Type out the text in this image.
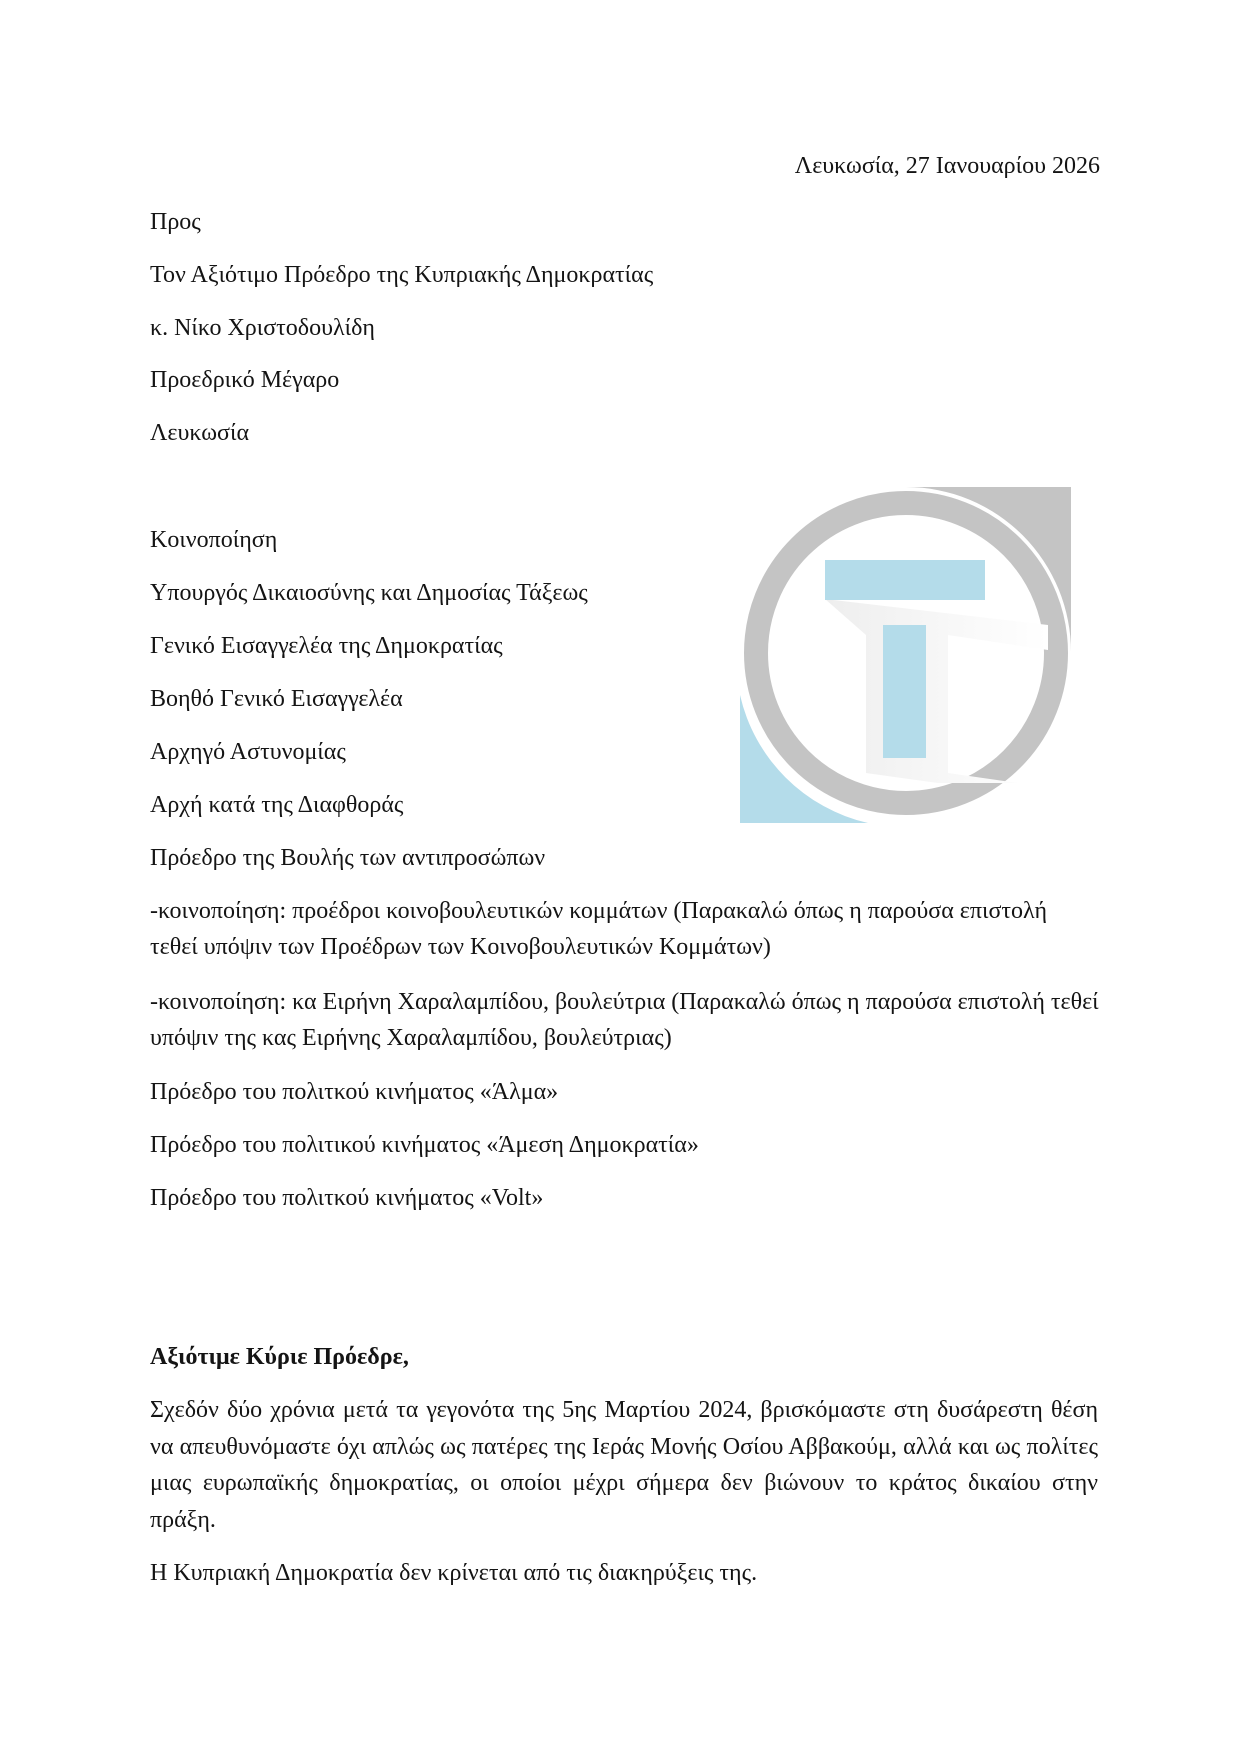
Λευκωσία, 27 Ιανουαρίου 2026
Προς
Τον Αξιότιμο Πρόεδρο της Κυπριακής Δημοκρατίας
κ. Νίκο Χριστοδουλίδη
Προεδρικό Μέγαρο
Λευκωσία
Κοινοποίηση
Υπουργός Δικαιοσύνης και Δημοσίας Τάξεως
Γενικό Εισαγγελέα της Δημοκρατίας
Βοηθό Γενικό Εισαγγελέα
Αρχηγό Αστυνομίας
Αρχή κατά της Διαφθοράς
Πρόεδρο της Βουλής των αντιπροσώπων
-κοινοποίηση: προέδροι κοινοβουλευτικών κομμάτων (Παρακαλώ όπως η παρούσα επιστολή τεθεί υπόψιν των Προέδρων των Κοινοβουλευτικών Κομμάτων)
-κοινοποίηση: κα Ειρήνη Χαραλαμπίδου, βουλεύτρια (Παρακαλώ όπως η παρούσα επιστολή τεθεί υπόψιν της κας Ειρήνης Χαραλαμπίδου, βουλεύτριας)
Πρόεδρο του πολιτκού κινήματος «Άλμα»
Πρόεδρο του πολιτικού κινήματος «Άμεση Δημοκρατία»
Πρόεδρο του πολιτκού κινήματος «Volt»
Αξιότιμε Κύριε Πρόεδρε,
Σχεδόν δύο χρόνια μετά τα γεγονότα της 5ης Μαρτίου 2024, βρισκόμαστε στη δυσάρεστη θέση να απευθυνόμαστε όχι απλώς ως πατέρες της Ιεράς Μονής Οσίου Αββακούμ, αλλά και ως πολίτες μιας ευρωπαϊκής δημοκρατίας, οι οποίοι μέχρι σήμερα δεν βιώνουν το κράτος δικαίου στην πράξη.
Η Κυπριακή Δημοκρατία δεν κρίνεται από τις διακηρύξεις της.
